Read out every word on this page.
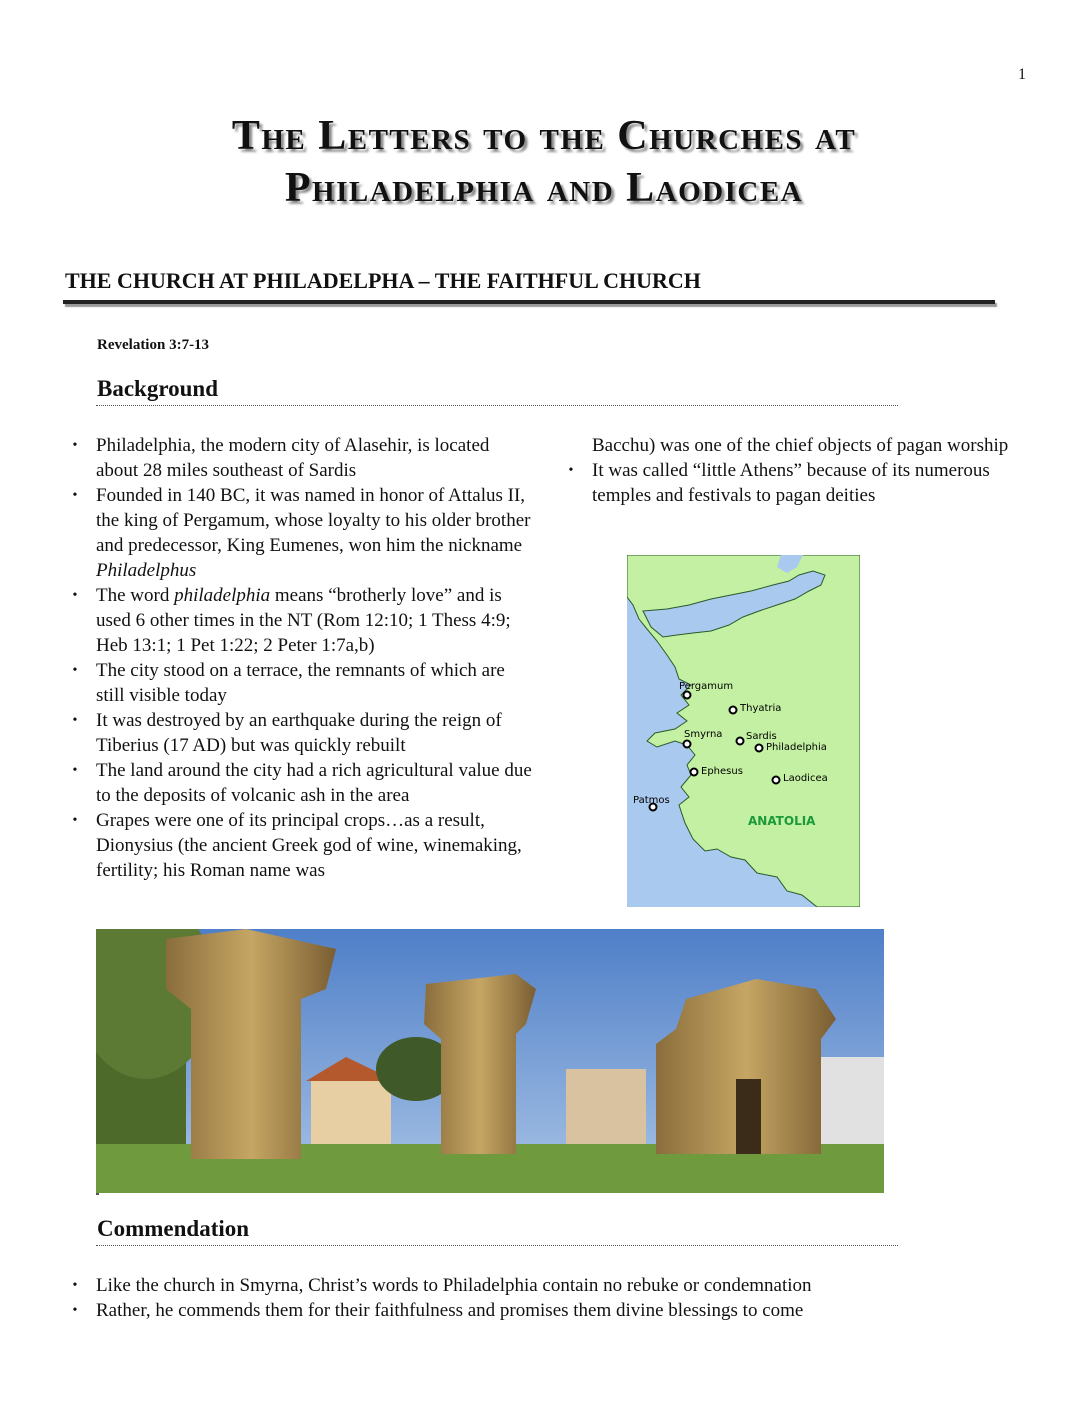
1
The Letters to the Churches at
Philadelphia and Laodicea
THE CHURCH AT PHILADELPHA – THE FAITHFUL CHURCH
Revelation 3:7-13
Background
• Philadelphia, the modern city of Alasehir, is located about 28 miles southeast of Sardis
• Founded in 140 BC, it was named in honor of Attalus II, the king of Pergamum, whose loyalty to his older brother and predecessor, King Eumenes, won him the nickname Philadelphus
• The word philadelphia means “brotherly love” and is used 6 other times in the NT (Rom 12:10; 1 Thess 4:9; Heb 13:1; 1 Pet 1:22; 2 Peter 1:7a,b)
• The city stood on a terrace, the remnants of which are still visible today
• It was destroyed by an earthquake during the reign of Tiberius (17 AD) but was quickly rebuilt
• The land around the city had a rich agricultural value due to the deposits of volcanic ash in the area
• Grapes were one of its principal crops…as a result, Dionysius (the ancient Greek god of wine, winemaking, fertility; his Roman name was
Bacchu) was one of the chief objects of pagan worship
• It was called “little Athens” because of its numerous temples and festivals to pagan deities
Patmos
Pergamum
Thyatria
Smyrna Sardis
Philadelphia
Ephesus
Laodicea
ANATOLIA
Commendation
• Like the church in Smyrna, Christ’s words to Philadelphia contain no rebuke or condemnation
• Rather, he commends them for their faithfulness and promises them divine blessings to come
